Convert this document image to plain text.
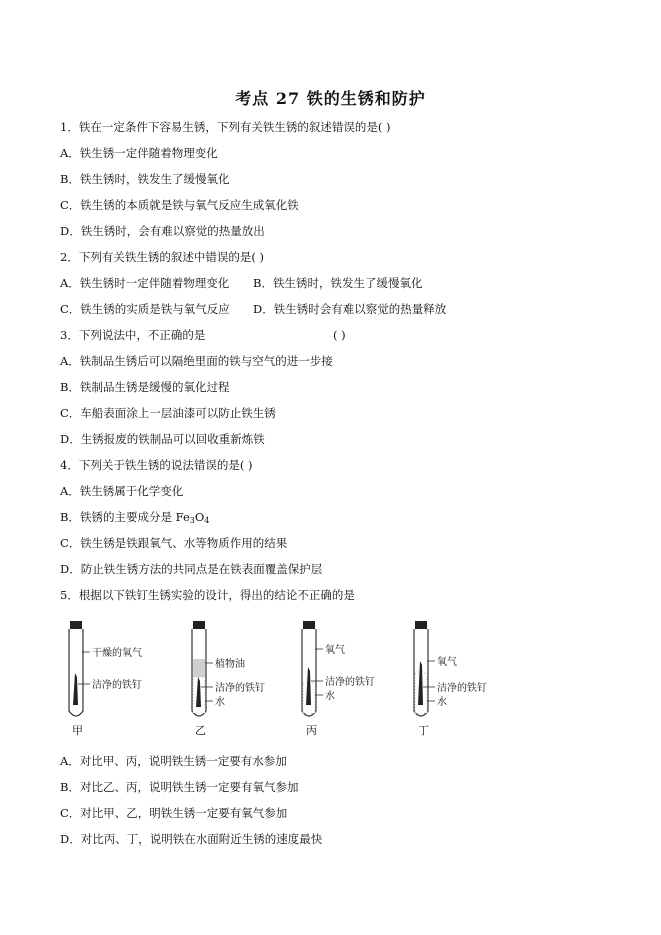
考点 27 铁的生锈和防护
1．铁在一定条件下容易生锈，下列有关铁生锈的叙述错误的是( )
A．铁生锈一定伴随着物理变化
B．铁生锈时，铁发生了缓慢氧化
C．铁生锈的本质就是铁与氧气反应生成氧化铁
D．铁生锈时，会有难以察觉的热量放出
2．下列有关铁生锈的叙述中错误的是( )
A．铁生锈时一定伴随着物理变化 B．铁生锈时，铁发生了缓慢氧化
C．铁生锈的实质是铁与氧气反应 D．铁生锈时会有难以察觉的热量释放
3．下列说法中，不正确的是	( )
A．铁制品生锈后可以隔绝里面的铁与空气的进一步接
B．铁制品生锈是缓慢的氧化过程
C．车船表面涂上一层油漆可以防止铁生锈
D．生锈报废的铁制品可以回收重新炼铁
4．下列关于铁生锈的说法错误的是( )
A．铁生锈属于化学变化
B．铁锈的主要成分是 $Fe_3O_4$
C．铁生锈是铁跟氧气、水等物质作用的结果
D．防止铁生锈方法的共同点是在铁表面覆盖保护层
5．根据以下铁钉生锈实验的设计，得出的结论不正确的是
干燥的氧气
洁净的铁钉
甲
植物油
洁净的铁钉
水
乙
氧气
洁净的铁钉
水
丙
氧气
洁净的铁钉
水
丁
A．对比甲、丙，说明铁生锈一定要有水参加
B．对比乙、丙，说明铁生锈一定要有氧气参加
C．对比甲、乙，明铁生锈一定要有氧气参加
D．对比丙、丁，说明铁在水面附近生锈的速度最快
